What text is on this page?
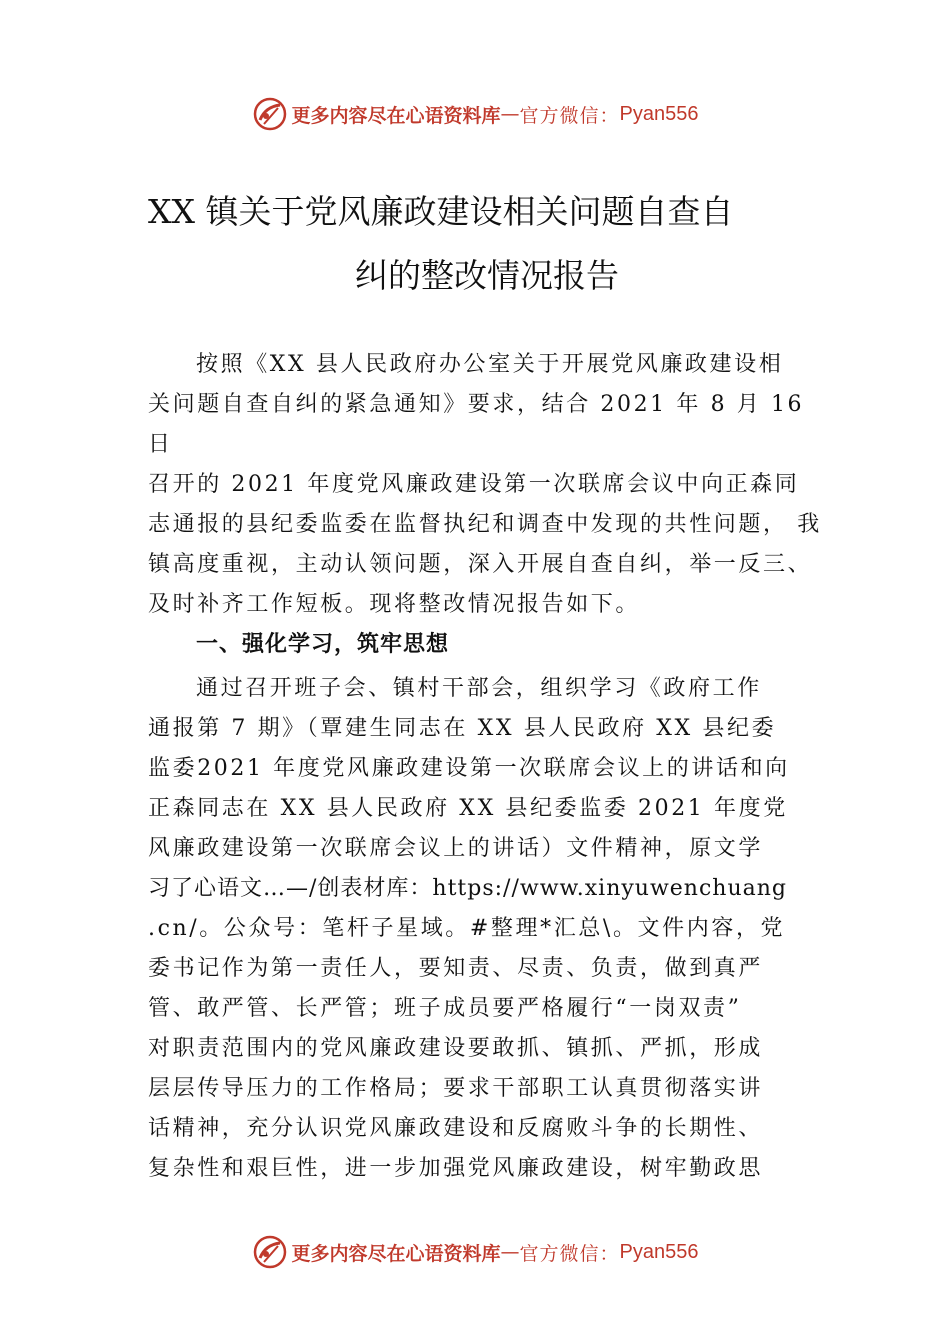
更多内容尽在心语资料库 — 官方微信： Pyan556
XX 镇关于党风廉政建设相关问题自查自
纠的整改情况报告
按照《XX 县人民政府办公室关于开展党风廉政建设相
关问题自查自纠的紧急通知》要求，结合 2021 年 8 月 16
日
召开的 2021 年度党风廉政建设第一次联席会议中向正森同
志通报的县纪委监委在监督执纪和调查中发现的共性问题， 我
镇高度重视，主动认领问题，深入开展自查自纠，举一反三、
及时补齐工作短板。现将整改情况报告如下。
一、强化学习，筑牢思想
通过召开班子会、镇村干部会，组织学习《政府工作
通报第 7 期》（覃建生同志在 XX 县人民政府 XX 县纪委
监委2021 年度党风廉政建设第一次联席会议上的讲话和向
正森同志在 XX 县人民政府 XX 县纪委监委 2021 年度党
风廉政建设第一次联席会议上的讲话）文件精神，原文学
习了心语文…—/创表材库：https://www.xinyuwenchuang
.cn/。公众号：笔杆子星域。#整理*汇总\。文件内容，党
委书记作为第一责任人，要知责、尽责、负责，做到真严
管、敢严管、长严管；班子成员要严格履行“一岗双责”
对职责范围内的党风廉政建设要敢抓、镇抓、严抓，形成
层层传导压力的工作格局；要求干部职工认真贯彻落实讲
话精神，充分认识党风廉政建设和反腐败斗争的长期性、
复杂性和艰巨性，进一步加强党风廉政建设，树牢勤政思
更多内容尽在心语资料库 — 官方微信： Pyan556
